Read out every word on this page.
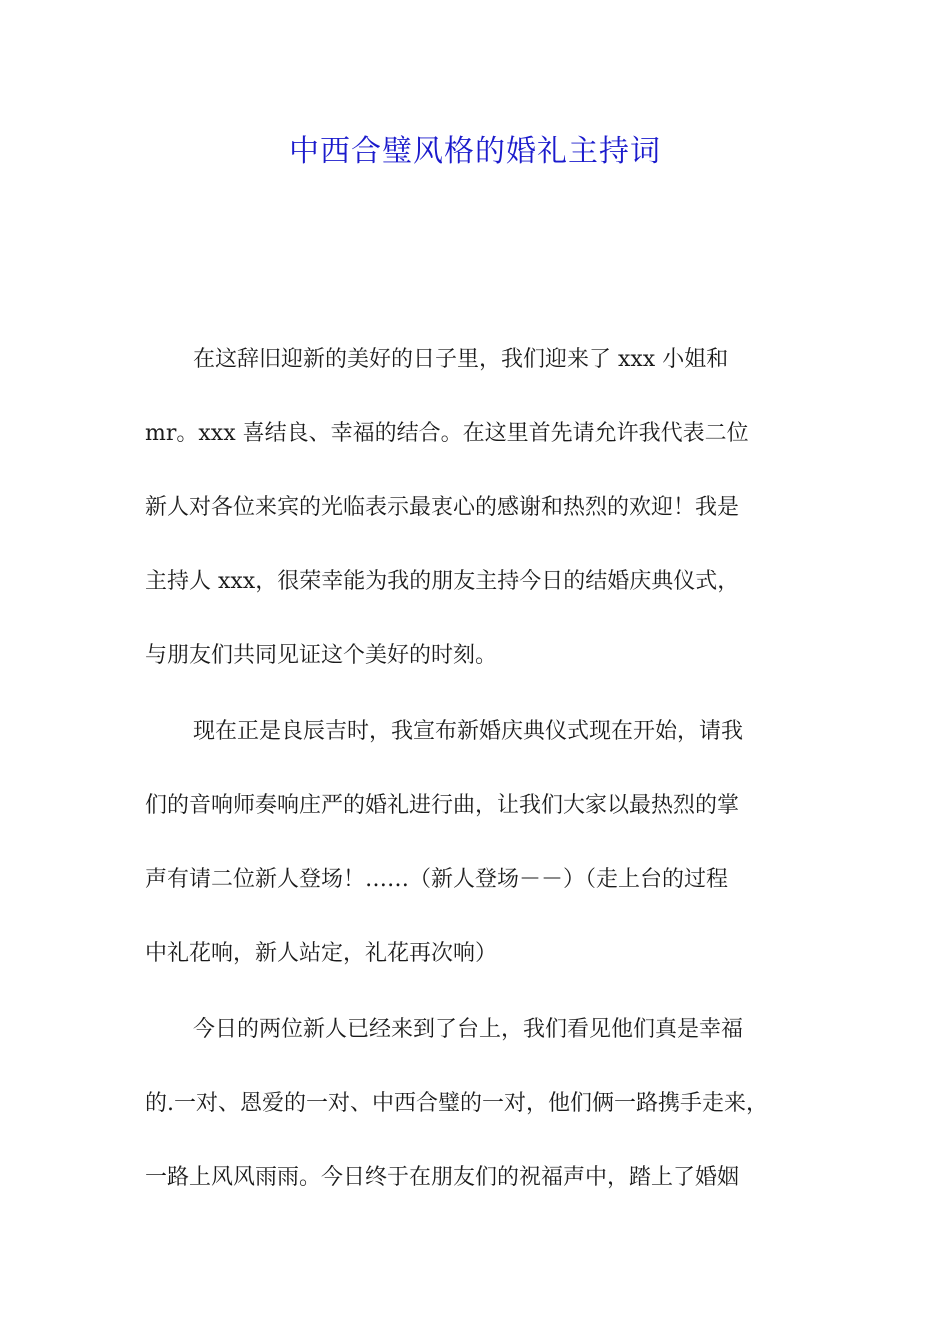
中西合璧风格的婚礼主持词

在这辞旧迎新的美好的日子里，我们迎来了 xxx 小姐和

mr。xxx 喜结良、幸福的结合。在这里首先请允许我代表二位

新人对各位来宾的光临表示最衷心的感谢和热烈的欢迎！我是

主持人 xxx，很荣幸能为我的朋友主持今日的结婚庆典仪式，

与朋友们共同见证这个美好的时刻。

现在正是良辰吉时，我宣布新婚庆典仪式现在开始，请我

们的音响师奏响庄严的婚礼进行曲，让我们大家以最热烈的掌

声有请二位新人登场！……（新人登场－－）（走上台的过程

中礼花响，新人站定，礼花再次响）

今日的两位新人已经来到了台上，我们看见他们真是幸福

的.一对、恩爱的一对、中西合璧的一对，他们俩一路携手走来，

一路上风风雨雨。今日终于在朋友们的祝福声中，踏上了婚姻
